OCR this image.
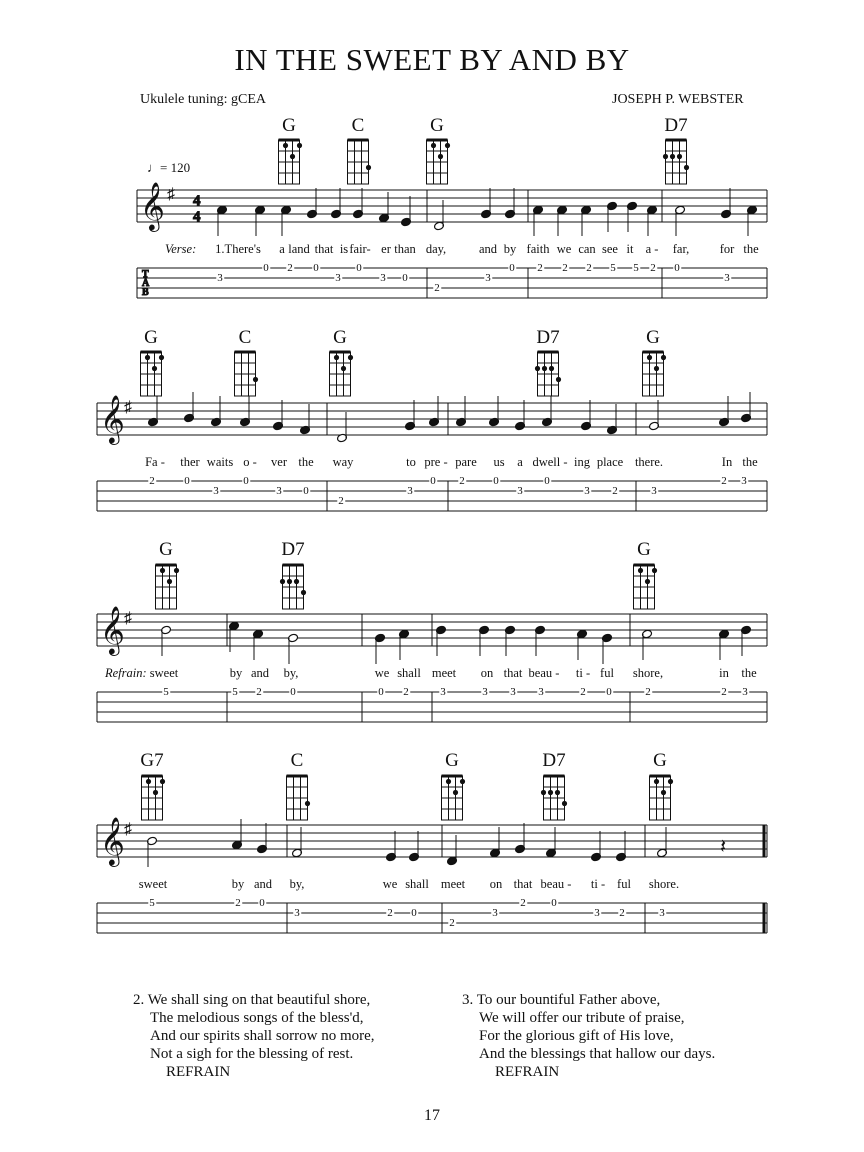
IN THE SWEET BY AND BY
Ukulele tuning: gCEA	JOSEPH P. WEBSTER
♩= 120
G	C	G	D7
G	C	G	D7	G
G	D7	G
G7	C	G	D7	G
𝄞 ♯
𝄞 ♯
𝄞 ♯
𝄞 ♯
4
4
T
A
B
𝄽
Verse:
Refrain:
1.There's a land that is fair- er than day,	and by faith we can see it a - far, for the
Fa - ther waits o - ver the way	to pre - pare us a dwell - ing place there.	In the
sweet	by and by,	we shall meet on that beau - ti - ful shore,	in the
sweet	by and by,	we shall meet on that beau - ti - ful shore.
3
0 2 0
3
0
3 0
2
3
0 2 2 2 5 5 2 0
3
2	0
3
0
3 0
2
3
0 2	0
3
0
3 2	3
2 3
5	5 2	0	0 2	3	3 3 3	2 0	2	2 3
5	2 0
3	2 0
2
3
2 0
3 2	3
2. We shall sing on that beautiful shore,
The melodious songs of the bless'd,
And our spirits shall sorrow no more,
Not a sigh for the blessing of rest.
REFRAIN
3. To our bountiful Father above,
We will offer our tribute of praise,
For the glorious gift of His love,
And the blessings that hallow our days.
REFRAIN
17
